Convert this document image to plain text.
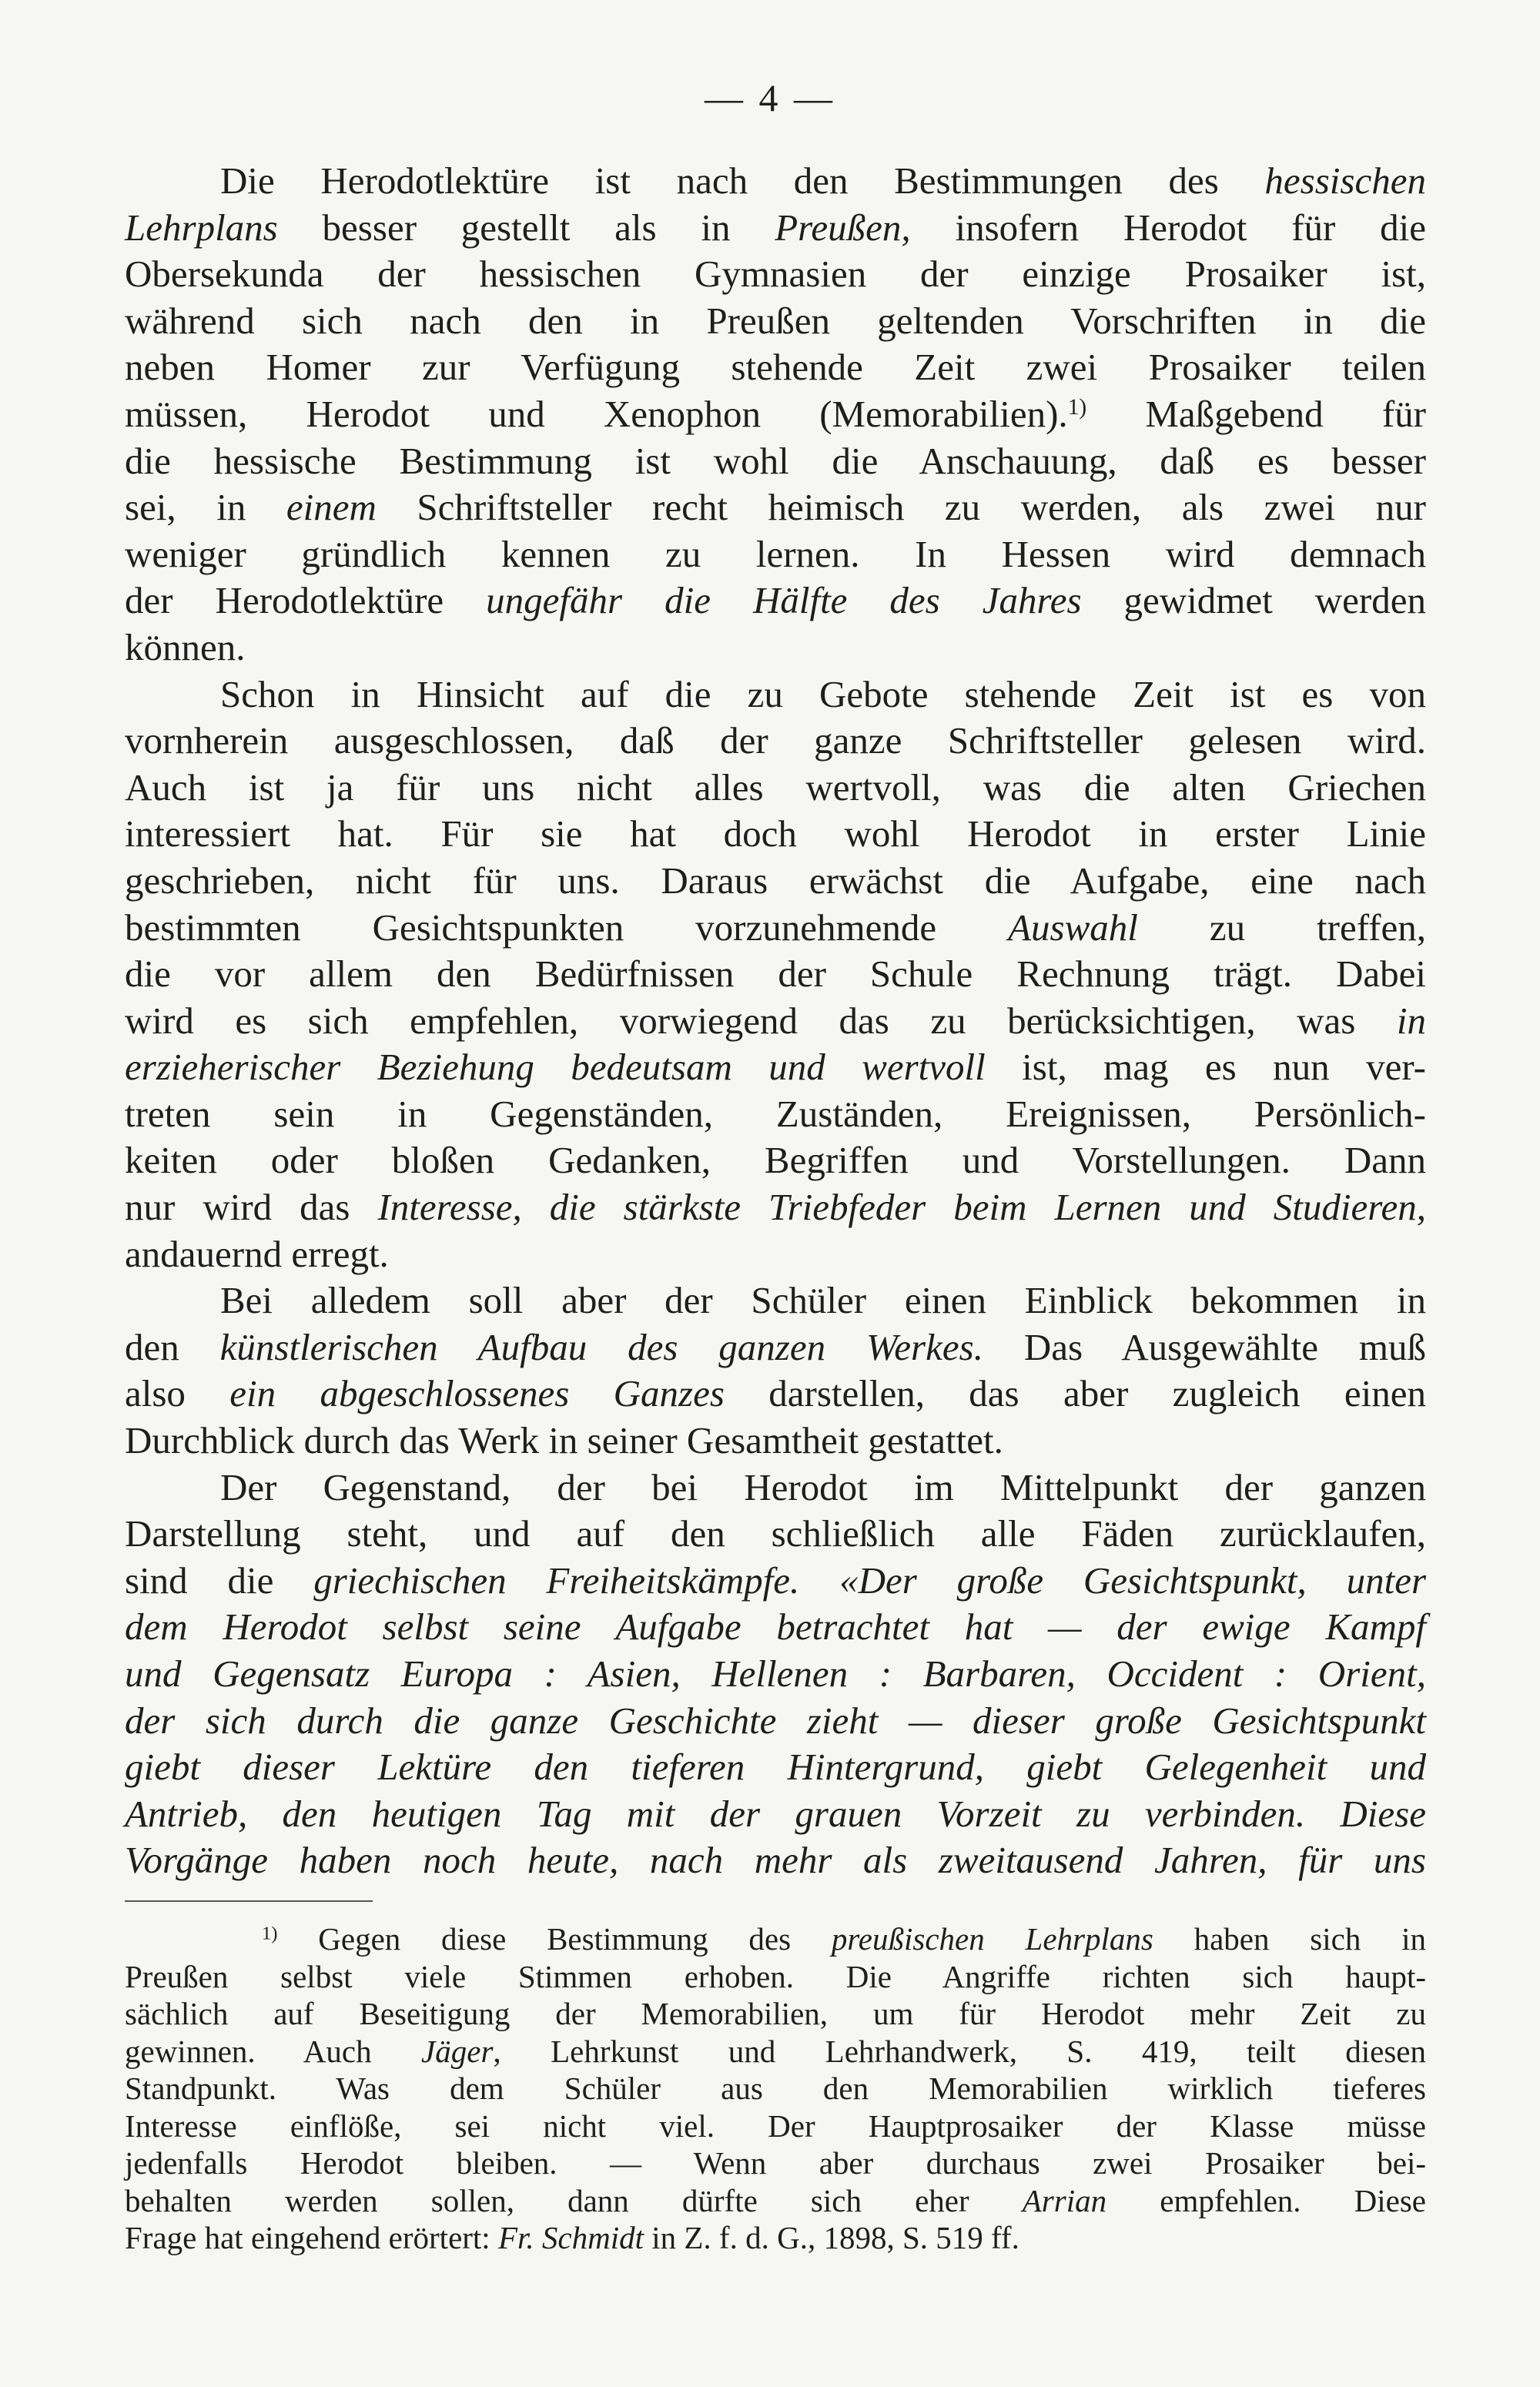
— 4 —
Die Herodotlektüre ist nach den Bestimmungen des hessischen
Lehrplans besser gestellt als in Preußen, insofern Herodot für die
Obersekunda der hessischen Gymnasien der einzige Prosaiker ist,
während sich nach den in Preußen geltenden Vorschriften in die
neben Homer zur Verfügung stehende Zeit zwei Prosaiker teilen
müssen, Herodot und Xenophon (Memorabilien).$^{1)}$ Maßgebend für
die hessische Bestimmung ist wohl die Anschauung, daß es besser
sei, in einem Schriftsteller recht heimisch zu werden, als zwei nur
weniger gründlich kennen zu lernen. In Hessen wird demnach
der Herodotlektüre ungefähr die Hälfte des Jahres gewidmet werden
können.
Schon in Hinsicht auf die zu Gebote stehende Zeit ist es von
vornherein ausgeschlossen, daß der ganze Schriftsteller gelesen wird.
Auch ist ja für uns nicht alles wertvoll, was die alten Griechen
interessiert hat. Für sie hat doch wohl Herodot in erster Linie
geschrieben, nicht für uns. Daraus erwächst die Aufgabe, eine nach
bestimmten Gesichtspunkten vorzunehmende Auswahl zu treffen,
die vor allem den Bedürfnissen der Schule Rechnung trägt. Dabei
wird es sich empfehlen, vorwiegend das zu berücksichtigen, was in
erzieherischer Beziehung bedeutsam und wertvoll ist, mag es nun ver-
treten sein in Gegenständen, Zuständen, Ereignissen, Persönlich-
keiten oder bloßen Gedanken, Begriffen und Vorstellungen. Dann
nur wird das Interesse, die stärkste Triebfeder beim Lernen und Studieren,
andauernd erregt.
Bei alledem soll aber der Schüler einen Einblick bekommen in
den künstlerischen Aufbau des ganzen Werkes. Das Ausgewählte muß
also ein abgeschlossenes Ganzes darstellen, das aber zugleich einen
Durchblick durch das Werk in seiner Gesamtheit gestattet.
Der Gegenstand, der bei Herodot im Mittelpunkt der ganzen
Darstellung steht, und auf den schließlich alle Fäden zurücklaufen,
sind die griechischen Freiheitskämpfe. «Der große Gesichtspunkt, unter
dem Herodot selbst seine Aufgabe betrachtet hat — der ewige Kampf
und Gegensatz Europa : Asien, Hellenen : Barbaren, Occident : Orient,
der sich durch die ganze Geschichte zieht — dieser große Gesichtspunkt
giebt dieser Lektüre den tieferen Hintergrund, giebt Gelegenheit und
Antrieb, den heutigen Tag mit der grauen Vorzeit zu verbinden. Diese
Vorgänge haben noch heute, nach mehr als zweitausend Jahren, für uns
$^{1)}$ Gegen diese Bestimmung des preußischen Lehrplans haben sich in
Preußen selbst viele Stimmen erhoben. Die Angriffe richten sich haupt-
sächlich auf Beseitigung der Memorabilien, um für Herodot mehr Zeit zu
gewinnen. Auch Jäger, Lehrkunst und Lehrhandwerk, S. 419, teilt diesen
Standpunkt. Was dem Schüler aus den Memorabilien wirklich tieferes
Interesse einflöße, sei nicht viel. Der Hauptprosaiker der Klasse müsse
jedenfalls Herodot bleiben. — Wenn aber durchaus zwei Prosaiker bei-
behalten werden sollen, dann dürfte sich eher Arrian empfehlen. Diese
Frage hat eingehend erörtert: Fr. Schmidt in Z. f. d. G., 1898, S. 519 ff.
